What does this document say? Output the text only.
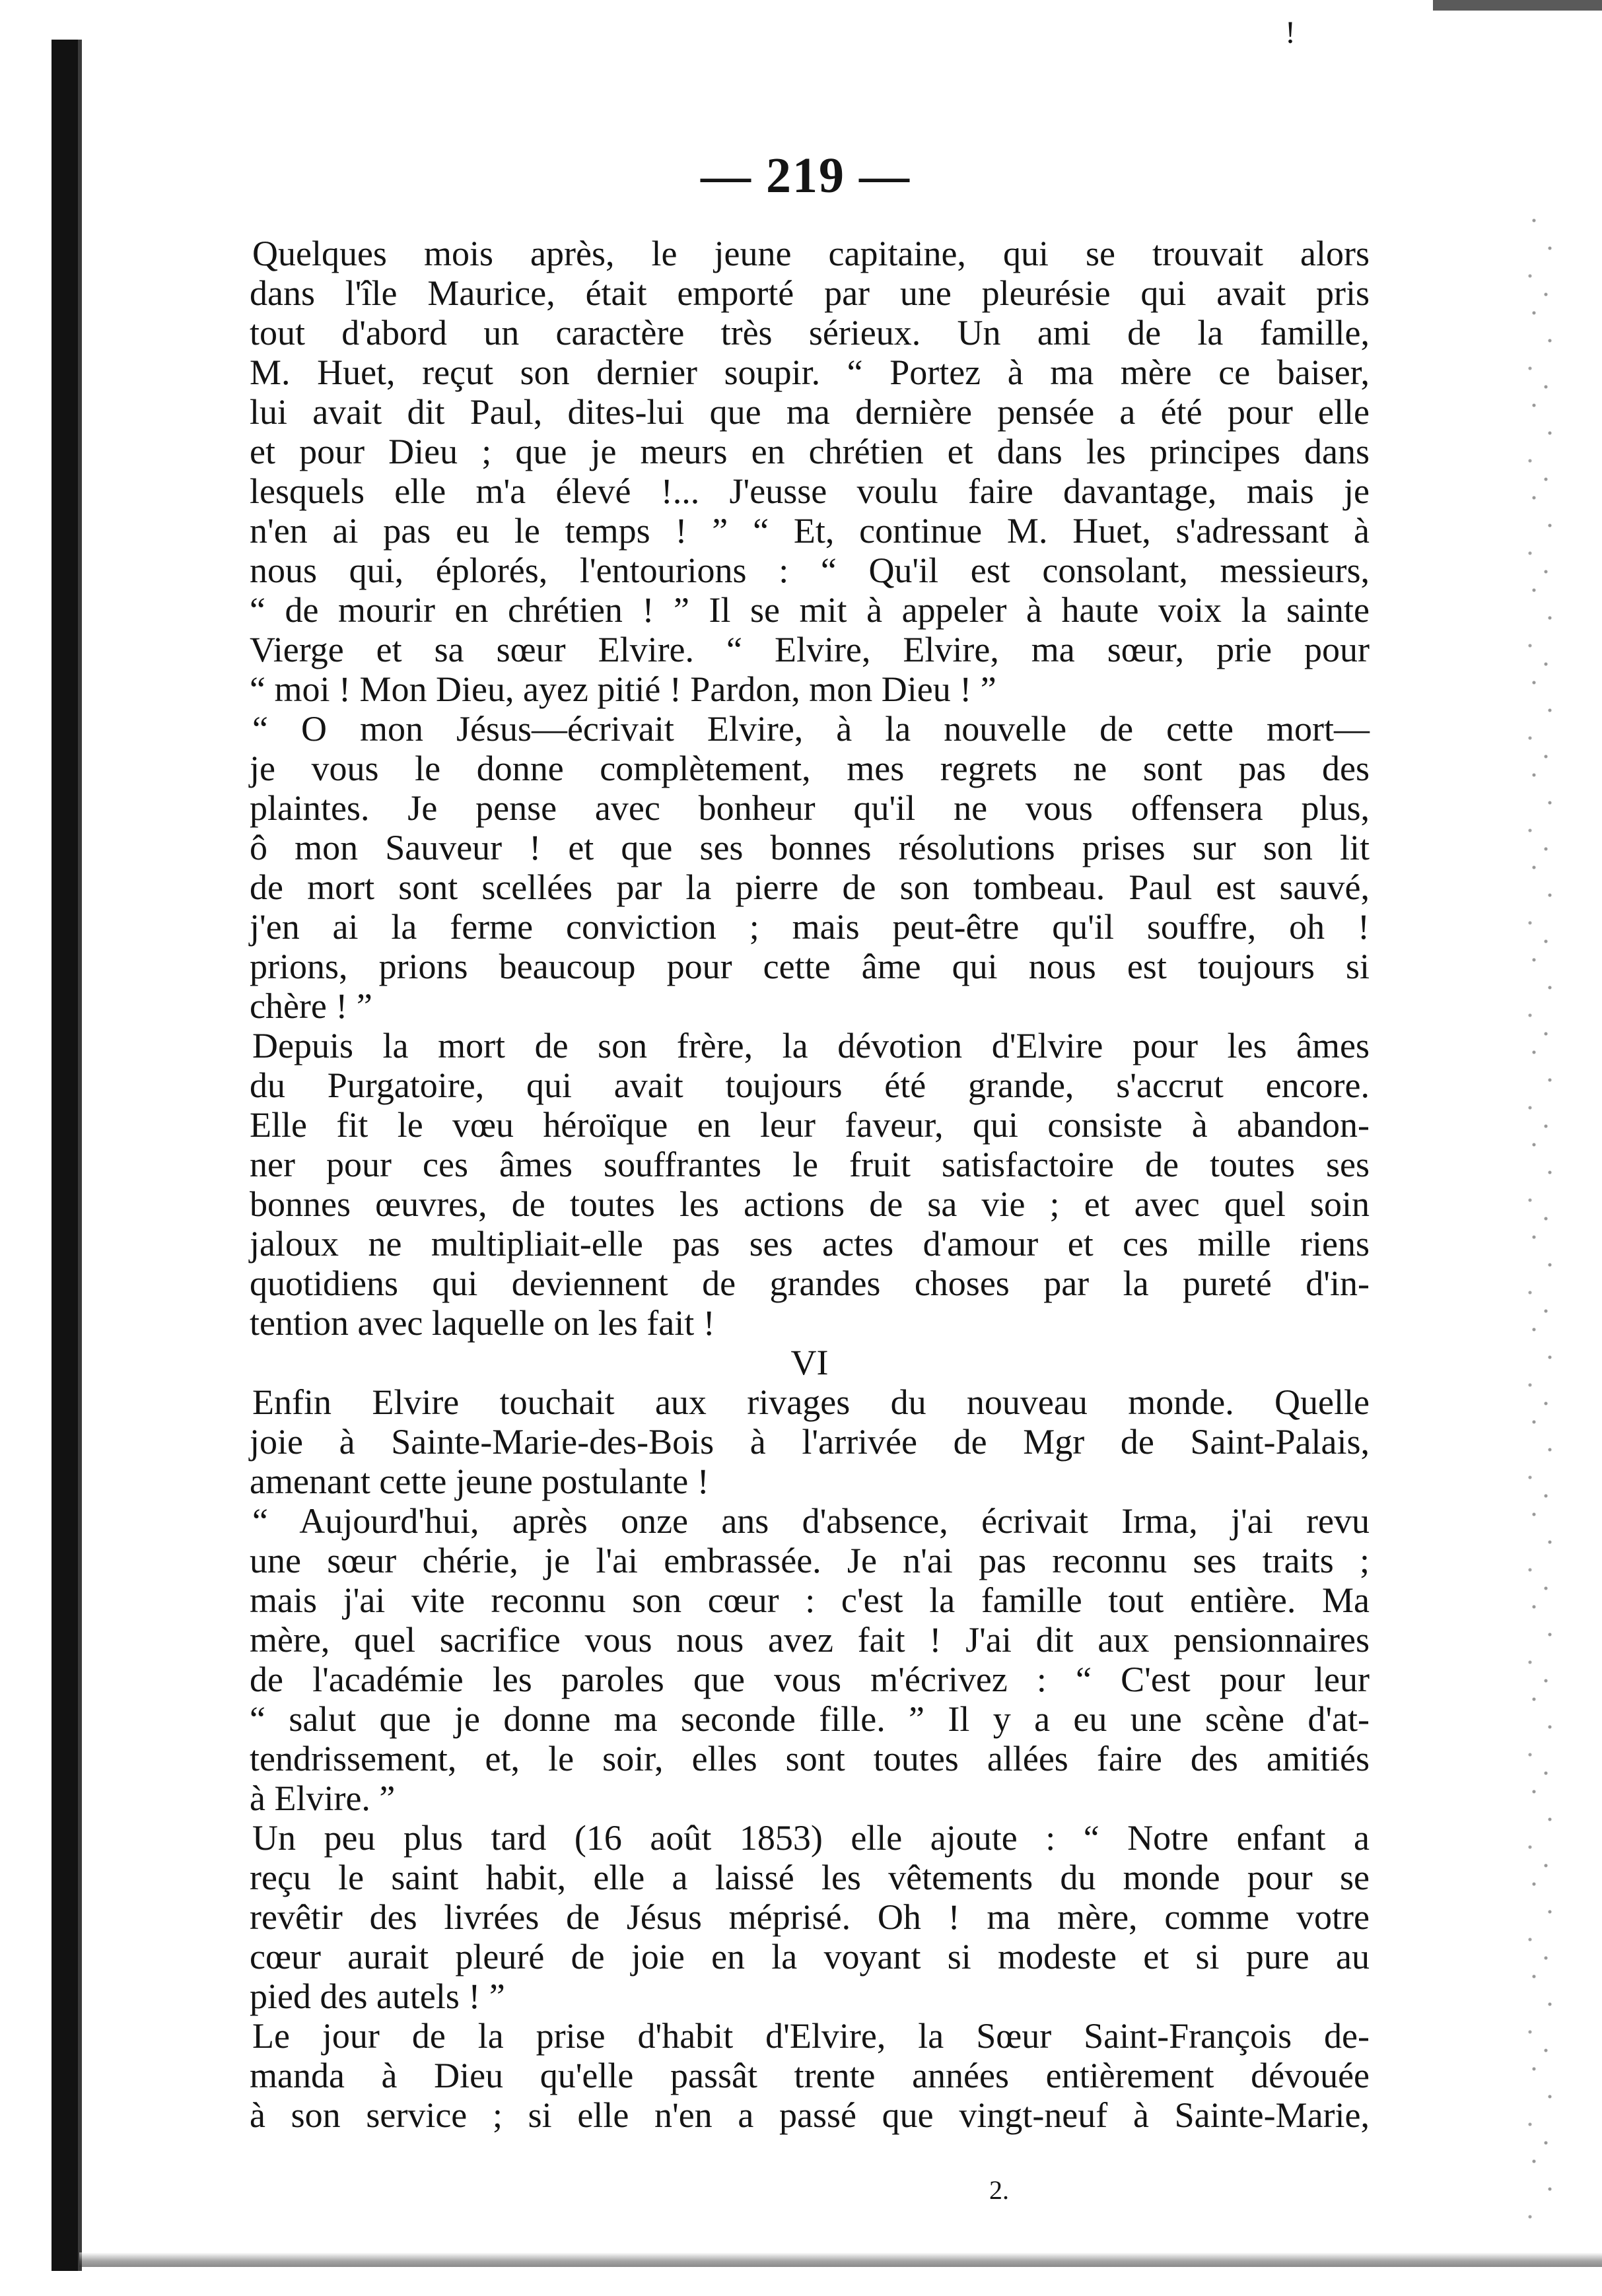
!
— 219 —
Quelques mois après, le jeune capitaine, qui se trouvait alors
dans l'île Maurice, était emporté par une pleurésie qui avait pris
tout d'abord un caractère très sérieux. Un ami de la famille,
M. Huet, reçut son dernier soupir. “ Portez à ma mère ce baiser,
lui avait dit Paul, dites-lui que ma dernière pensée a été pour elle
et pour Dieu ; que je meurs en chrétien et dans les principes dans
lesquels elle m'a élevé !... J'eusse voulu faire davantage, mais je
n'en ai pas eu le temps ! ” “ Et, continue M. Huet, s'adressant à
nous qui, éplorés, l'entourions : “ Qu'il est consolant, messieurs,
“ de mourir en chrétien ! ” Il se mit à appeler à haute voix la sainte
Vierge et sa sœur Elvire. “ Elvire, Elvire, ma sœur, prie pour
“ moi ! Mon Dieu, ayez pitié ! Pardon, mon Dieu ! ”
“ O mon Jésus—écrivait Elvire, à la nouvelle de cette mort—
je vous le donne complètement, mes regrets ne sont pas des
plaintes. Je pense avec bonheur qu'il ne vous offensera plus,
ô mon Sauveur ! et que ses bonnes résolutions prises sur son lit
de mort sont scellées par la pierre de son tombeau. Paul est sauvé,
j'en ai la ferme conviction ; mais peut-être qu'il souffre, oh !
prions, prions beaucoup pour cette âme qui nous est toujours si
chère ! ”
Depuis la mort de son frère, la dévotion d'Elvire pour les âmes
du Purgatoire, qui avait toujours été grande, s'accrut encore.
Elle fit le vœu héroïque en leur faveur, qui consiste à abandon-
ner pour ces âmes souffrantes le fruit satisfactoire de toutes ses
bonnes œuvres, de toutes les actions de sa vie ; et avec quel soin
jaloux ne multipliait-elle pas ses actes d'amour et ces mille riens
quotidiens qui deviennent de grandes choses par la pureté d'in-
tention avec laquelle on les fait !
VI
Enfin Elvire touchait aux rivages du nouveau monde. Quelle
joie à Sainte-Marie-des-Bois à l'arrivée de Mgr de Saint-Palais,
amenant cette jeune postulante !
“ Aujourd'hui, après onze ans d'absence, écrivait Irma, j'ai revu
une sœur chérie, je l'ai embrassée. Je n'ai pas reconnu ses traits ;
mais j'ai vite reconnu son cœur : c'est la famille tout entière. Ma
mère, quel sacrifice vous nous avez fait ! J'ai dit aux pensionnaires
de l'académie les paroles que vous m'écrivez : “ C'est pour leur
“ salut que je donne ma seconde fille. ” Il y a eu une scène d'at-
tendrissement, et, le soir, elles sont toutes allées faire des amitiés
à Elvire. ”
Un peu plus tard (16 août 1853) elle ajoute : “ Notre enfant a
reçu le saint habit, elle a laissé les vêtements du monde pour se
revêtir des livrées de Jésus méprisé. Oh ! ma mère, comme votre
cœur aurait pleuré de joie en la voyant si modeste et si pure au
pied des autels ! ”
Le jour de la prise d'habit d'Elvire, la Sœur Saint-François de-
manda à Dieu qu'elle passât trente années entièrement dévouée
à son service ; si elle n'en a passé que vingt-neuf à Sainte-Marie,
2.
